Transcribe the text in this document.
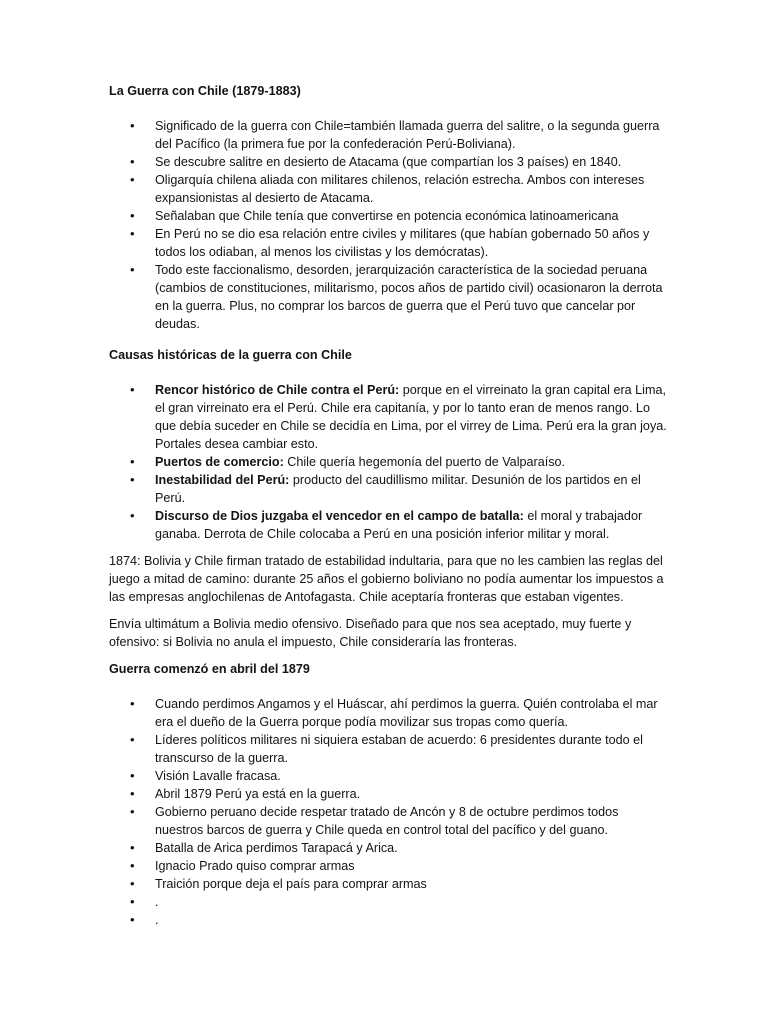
La Guerra con Chile (1879-1883)
• Significado de la guerra con Chile=también llamada guerra del salitre, o la segunda guerra del Pacífico (la primera fue por la confederación Perú-Boliviana).
• Se descubre salitre en desierto de Atacama (que compartían los 3 países) en 1840.
• Oligarquía chilena aliada con militares chilenos, relación estrecha. Ambos con intereses expansionistas al desierto de Atacama.
• Señalaban que Chile tenía que convertirse en potencia económica latinoamericana
• En Perú no se dio esa relación entre civiles y militares (que habían gobernado 50 años y todos los odiaban, al menos los civilistas y los demócratas).
• Todo este faccionalismo, desorden, jerarquización característica de la sociedad peruana (cambios de constituciones, militarismo, pocos años de partido civil) ocasionaron la derrota en la guerra. Plus, no comprar los barcos de guerra que el Perú tuvo que cancelar por deudas.
Causas históricas de la guerra con Chile
• Rencor histórico de Chile contra el Perú: porque en el virreinato la gran capital era Lima, el gran virreinato era el Perú. Chile era capitanía, y por lo tanto eran de menos rango. Lo que debía suceder en Chile se decidía en Lima, por el virrey de Lima. Perú era la gran joya. Portales desea cambiar esto.
• Puertos de comercio: Chile quería hegemonía del puerto de Valparaíso.
• Inestabilidad del Perú: producto del caudillismo militar. Desunión de los partidos en el Perú.
• Discurso de Dios juzgaba el vencedor en el campo de batalla: el moral y trabajador ganaba. Derrota de Chile colocaba a Perú en una posición inferior militar y moral.

1874: Bolivia y Chile firman tratado de estabilidad indultaria, para que no les cambien las reglas del juego a mitad de camino: durante 25 años el gobierno boliviano no podía aumentar los impuestos a las empresas anglochilenas de Antofagasta. Chile aceptaría fronteras que estaban vigentes.

Envía ultimátum a Bolivia medio ofensivo. Diseñado para que nos sea aceptado, muy fuerte y ofensivo: si Bolivia no anula el impuesto, Chile consideraría las fronteras.

Guerra comenzó en abril del 1879
• Cuando perdimos Angamos y el Huáscar, ahí perdimos la guerra. Quién controlaba el mar era el dueño de la Guerra porque podía movilizar sus tropas como quería.
• Líderes políticos militares ni siquiera estaban de acuerdo: 6 presidentes durante todo el transcurso de la guerra.
• Visión Lavalle fracasa.
• Abril 1879 Perú ya está en la guerra.
• Gobierno peruano decide respetar tratado de Ancón y 8 de octubre perdimos todos nuestros barcos de guerra y Chile queda en control total del pacífico y del guano.
• Batalla de Arica perdimos Tarapacá y Arica.
• Ignacio Prado quiso comprar armas
• Traición porque deja el país para comprar armas
• .
• .
